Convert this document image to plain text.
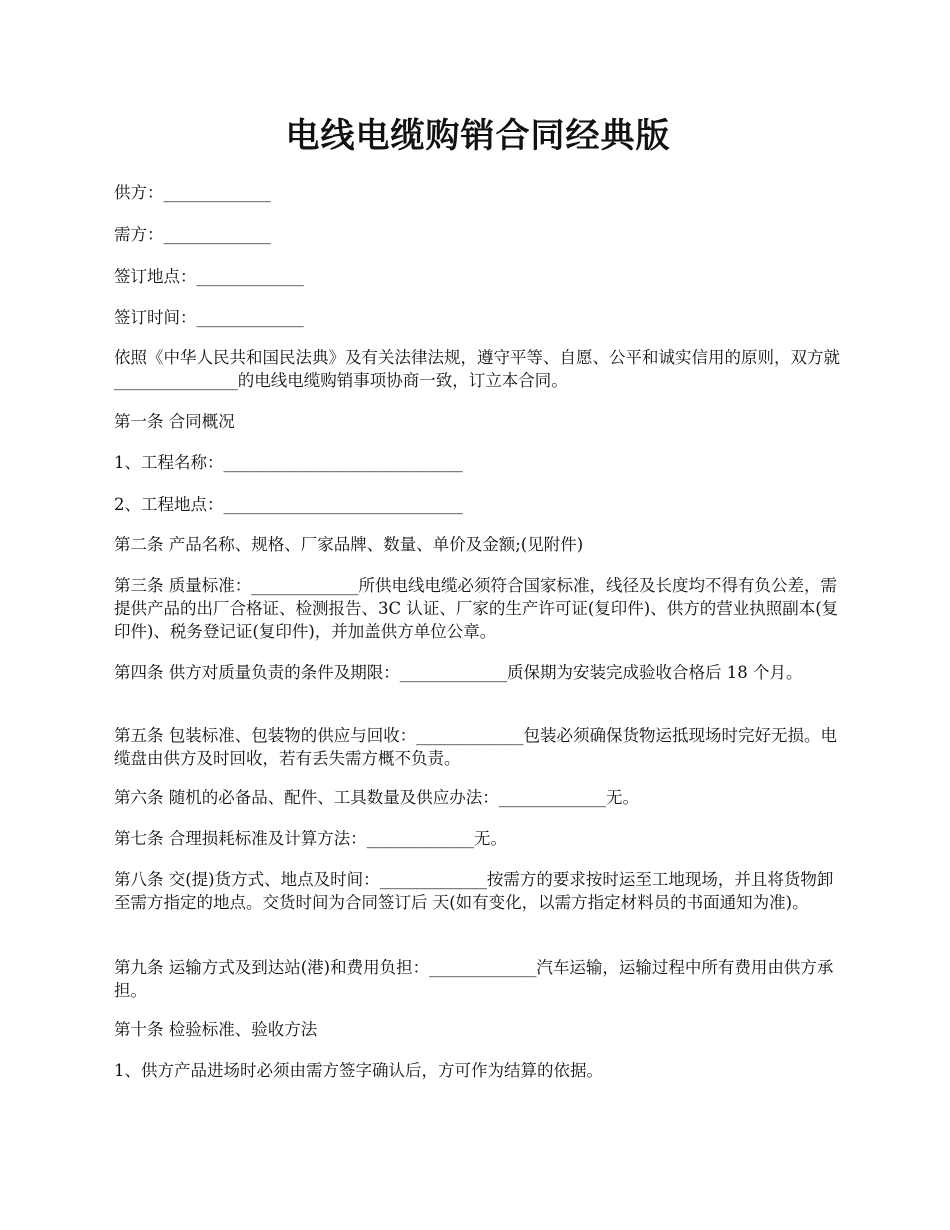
电线电缆购销合同经典版

供方：_____________

需方：_____________

签订地点：_____________

签订时间：_____________

依照《中华人民共和国民法典》及有关法律法规，遵守平等、自愿、公平和诚实信用的原则，双方就 _______________的电线电缆购销事项协商一致，订立本合同。

第一条 合同概况

1、工程名称：_____________________________

2、工程地点：_____________________________

第二条 产品名称、规格、厂家品牌、数量、单价及金额;(见附件)

第三条 质量标准：_____________所供电线电缆必须符合国家标准，线径及长度均不得有负公差，需提供产品的出厂合格证、检测报告、3C 认证、厂家的生产许可证(复印件)、供方的营业执照副本(复印件)、税务登记证(复印件)，并加盖供方单位公章。

第四条 供方对质量负责的条件及期限：_____________质保期为安装完成验收合格后 18 个月。

第五条 包装标准、包装物的供应与回收：_____________包装必须确保货物运抵现场时完好无损。电缆盘由供方及时回收，若有丢失需方概不负责。

第六条 随机的必备品、配件、工具数量及供应办法：_____________无。

第七条 合理损耗标准及计算方法：_____________无。

第八条 交(提)货方式、地点及时间：_____________按需方的要求按时运至工地现场，并且将货物卸至需方指定的地点。交货时间为合同签订后 天(如有变化，以需方指定材料员的书面通知为准)。

第九条 运输方式及到达站(港)和费用负担：_____________汽车运输，运输过程中所有费用由供方承担。

第十条 检验标准、验收方法

1、供方产品进场时必须由需方签字确认后，方可作为结算的依据。
